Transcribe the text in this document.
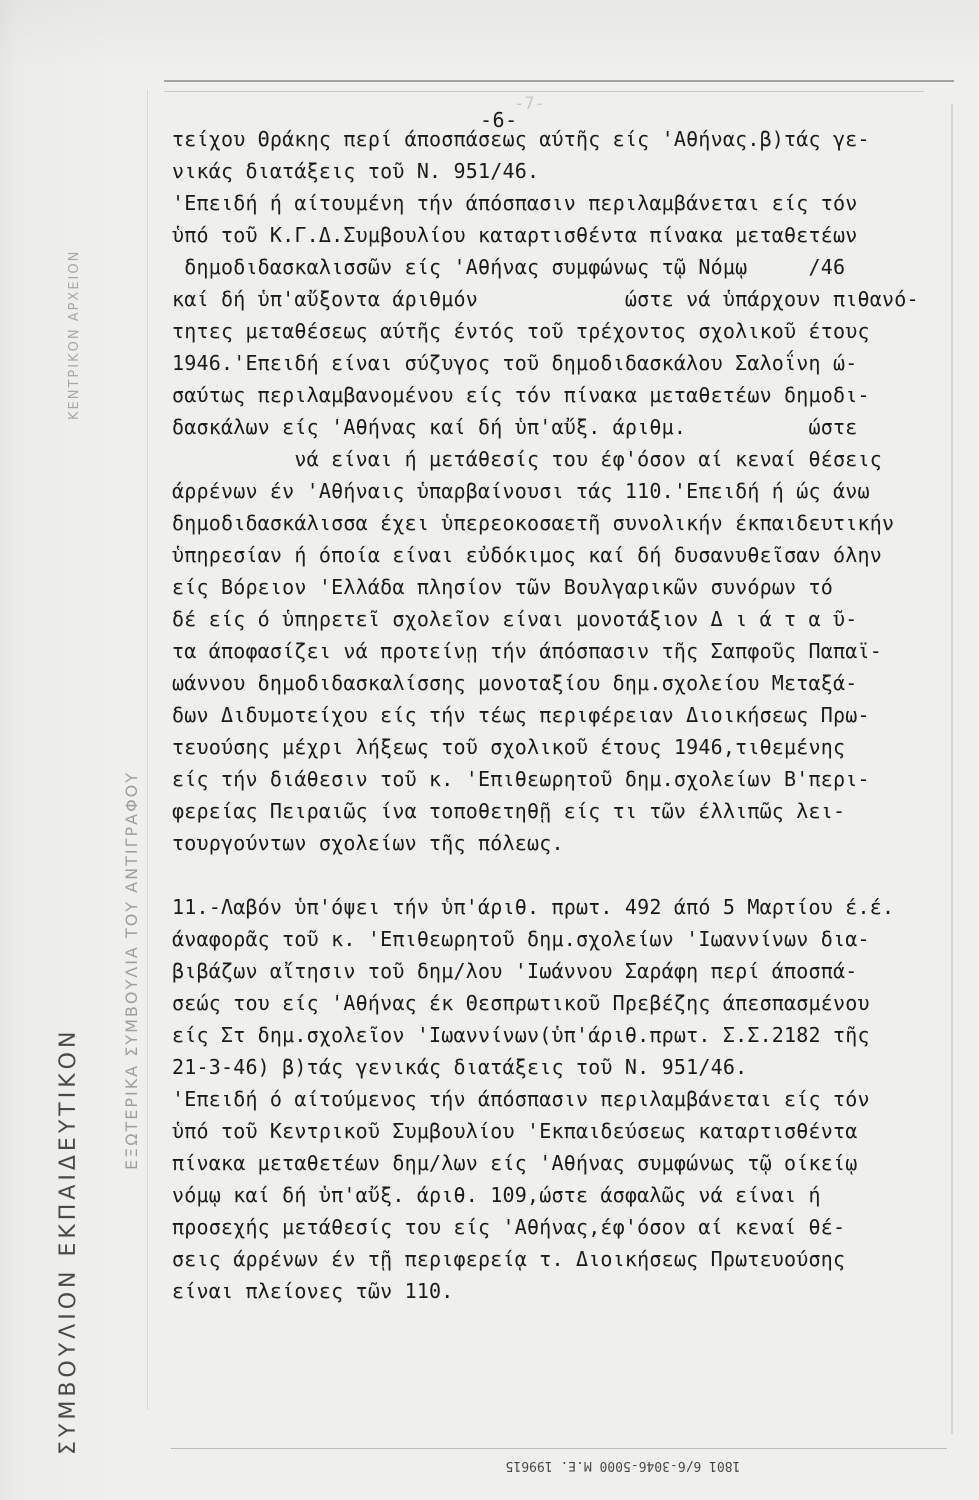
ΣΥΜΒΟΥΛΙΟΝ ΕΚΠΑΙΔΕΥΤΙΚΟΝ
ΕΞΩΤΕΡΙΚΑ ΣΥΜΒΟΥΛΙΑ ΤΟΥ ΑΝΤΙΓΡΑΦΟΥ
ΚΕΝΤΡΙΚΟΝ ΑΡΧΕΙΟΝ
-7-
-6-
τείχου Θράκης περί άποσπάσεως αύτῆς είς 'Αθήνας.β)τάς γε-
νικάς διατάξεις τοῦ Ν. 951/46.
'Επειδή ή αίτουμένη τήν άπόσπασιν περιλαμβάνεται είς τόν
ὑπό τοῦ Κ.Γ.Δ.Συμβουλίου καταρτισθέντα πίνακα μεταθετέων
δημοδιδασκαλισσῶν είς 'Αθήνας συμφώνως τῷ Νόμῳ     /46
καί δή ὑπ'αὔξοντα άριθμόν            ώστε νά ὑπάρχουν πιθανό-
τητες μεταθέσεως αύτῆς έντός τοῦ τρέχοντος σχολικοῦ έτους
1946.'Επειδή είναι σύζυγος τοῦ δημοδιδασκάλου Σαλοΐνη ώ-
σαύτως περιλαμβανομένου είς τόν πίνακα μεταθετέων δημοδι-
δασκάλων είς 'Αθήνας καί δή ὑπ'αὔξ. άριθμ.          ώστε
νά είναι ή μετάθεσίς του έφ'όσον αί κεναί θέσεις
άρρένων έν 'Αθήναις ὑπαρβαίνουσι τάς 110.'Επειδή ή ώς άνω
δημοδιδασκάλισσα έχει ὑπερεοκοσαετῆ συνολικήν έκπαιδευτικήν
ὑπηρεσίαν ή όποία είναι εὐδόκιμος καί δή δυσανυθεῖσαν όλην
είς Βόρειον 'Ελλάδα πλησίον τῶν Βουλγαρικῶν συνόρων τό
δέ είς ό ὑπηρετεῖ σχολεῖον είναι μονοτάξιον Δ ι ά τ α ῦ-
τα άποφασίζει νά προτείνῃ τήν άπόσπασιν τῆς Σαπφοῦς Παπαϊ-
ωάννου δημοδιδασκαλίσσης μονοταξίου δημ.σχολείου Μεταξά-
δων Διδυμοτείχου είς τήν τέως περιφέρειαν Διοικήσεως Πρω-
τευούσης μέχρι λήξεως τοῦ σχολικοῦ έτους 1946,τιθεμένης
είς τήν διάθεσιν τοῦ κ. 'Επιθεωρητοῦ δημ.σχολείων Β'περι-
φερείας Πειραιῶς ίνα τοποθετηθῇ είς τι τῶν έλλιπῶς λει-
τουργούντων σχολείων τῆς πόλεως.
11.-Λαβόν ὑπ'όψει τήν ὑπ'άριθ. πρωτ. 492 άπό 5 Μαρτίου έ.έ.
άναφορᾶς τοῦ κ. 'Επιθεωρητοῦ δημ.σχολείων 'Ιωαννίνων δια-
βιβάζων αἴτησιν τοῦ δημ/λου 'Ιωάννου Σαράφη περί άποσπά-
σεώς του είς 'Αθήνας έκ Θεσπρωτικοῦ Πρεβέζης άπεσπασμένου
είς Στ δημ.σχολεῖον 'Ιωαννίνων(ὑπ'άριθ.πρωτ. Σ.Σ.2182 τῆς
21-3-46) β)τάς γενικάς διατάξεις τοῦ Ν. 951/46.
'Επειδή ό αίτούμενος τήν άπόσπασιν περιλαμβάνεται είς τόν
ὑπό τοῦ Κεντρικοῦ Συμβουλίου 'Εκπαιδεύσεως καταρτισθέντα
πίνακα μεταθετέων δημ/λων είς 'Αθήνας συμφώνως τῷ οίκείῳ
νόμῳ καί δή ὑπ'αὔξ. άριθ. 109,ώστε άσφαλῶς νά είναι ή
προσεχής μετάθεσίς του είς 'Αθήνας,έφ'όσον αί κεναί θέ-
σεις άρρένων έν τῇ περιφερείᾳ τ. Διοικήσεως Πρωτευούσης
είναι πλείονες τῶν 110.
1801 6/6-3046-5000 Μ.Ε. 199615
